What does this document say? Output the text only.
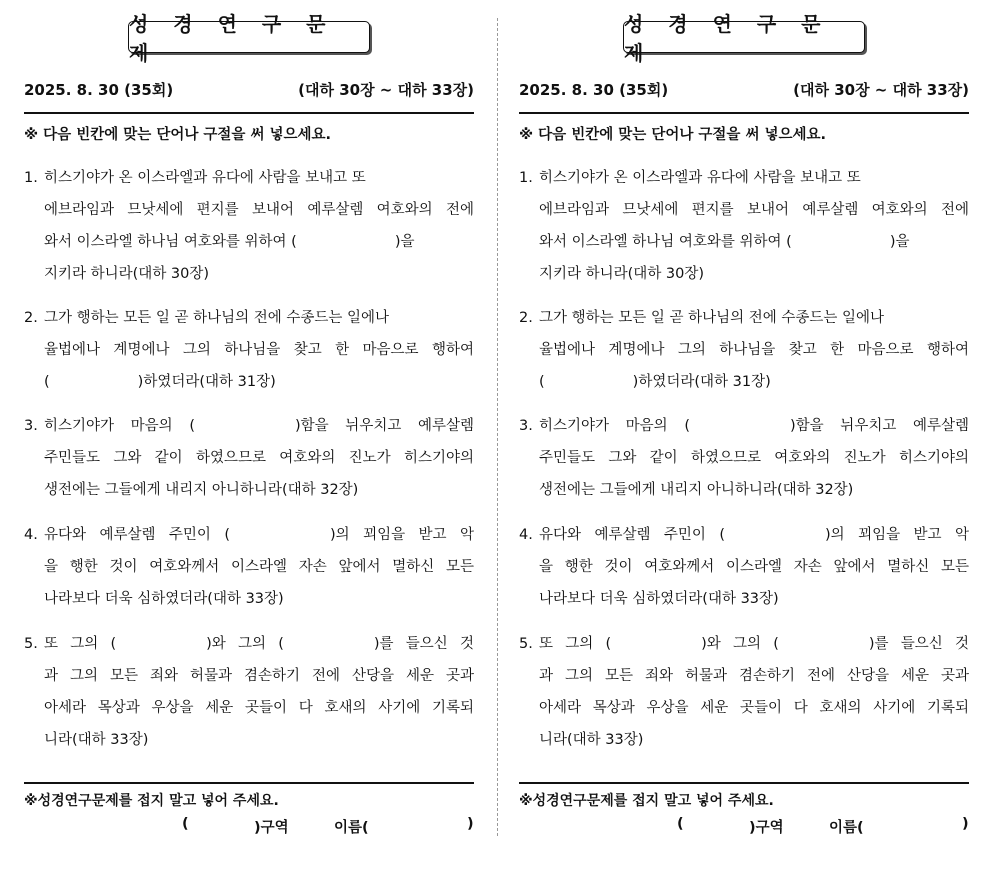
성 경 연 구 문 제
2025. 8. 30 (35회)	(대하 30장 ~ 대하 33장)
※ 다음 빈칸에 맞는 단어나 구절을 써 넣으세요.
1. 히스기야가 온 이스라엘과 유다에 사람을 보내고 또
에브라임과 므낫세에 편지를 보내어 예루살렘 여호와의 전에
와서 이스라엘 하나님 여호와를 위하여 (	)을
지키라 하니라(대하 30장)
2. 그가 행하는 모든 일 곧 하나님의 전에 수종드는 일에나
율법에나 계명에나 그의 하나님을 찾고 한 마음으로 행하여
(	)하였더라(대하 31장)
3. 히스기야가 마음의 (	)함을 뉘우치고 예루살렘
주민들도 그와 같이 하였으므로 여호와의 진노가 히스기야의
생전에는 그들에게 내리지 아니하니라(대하 32장)
4. 유다와 예루살렘 주민이 (	)의 꾀임을 받고 악
을 행한 것이 여호와께서 이스라엘 자손 앞에서 멸하신 모든
나라보다 더욱 심하였더라(대하 33장)
5. 또 그의 (	)와 그의 (	)를 들으신 것
과 그의 모든 죄와 허물과 겸손하기 전에 산당을 세운 곳과
아세라 목상과 우상을 세운 곳들이 다 호새의 사기에 기록되
니라(대하 33장)
※성경연구문제를 접지 말고 넣어 주세요.
(	)구역	이름(	)
성 경 연 구 문 제
2025. 8. 30 (35회)	(대하 30장 ~ 대하 33장)
※ 다음 빈칸에 맞는 단어나 구절을 써 넣으세요.
1. 히스기야가 온 이스라엘과 유다에 사람을 보내고 또
에브라임과 므낫세에 편지를 보내어 예루살렘 여호와의 전에
와서 이스라엘 하나님 여호와를 위하여 (	)을
지키라 하니라(대하 30장)
2. 그가 행하는 모든 일 곧 하나님의 전에 수종드는 일에나
율법에나 계명에나 그의 하나님을 찾고 한 마음으로 행하여
(	)하였더라(대하 31장)
3. 히스기야가 마음의 (	)함을 뉘우치고 예루살렘
주민들도 그와 같이 하였으므로 여호와의 진노가 히스기야의
생전에는 그들에게 내리지 아니하니라(대하 32장)
4. 유다와 예루살렘 주민이 (	)의 꾀임을 받고 악
을 행한 것이 여호와께서 이스라엘 자손 앞에서 멸하신 모든
나라보다 더욱 심하였더라(대하 33장)
5. 또 그의 (	)와 그의 (	)를 들으신 것
과 그의 모든 죄와 허물과 겸손하기 전에 산당을 세운 곳과
아세라 목상과 우상을 세운 곳들이 다 호새의 사기에 기록되
니라(대하 33장)
※성경연구문제를 접지 말고 넣어 주세요.
(	)구역	이름(	)
